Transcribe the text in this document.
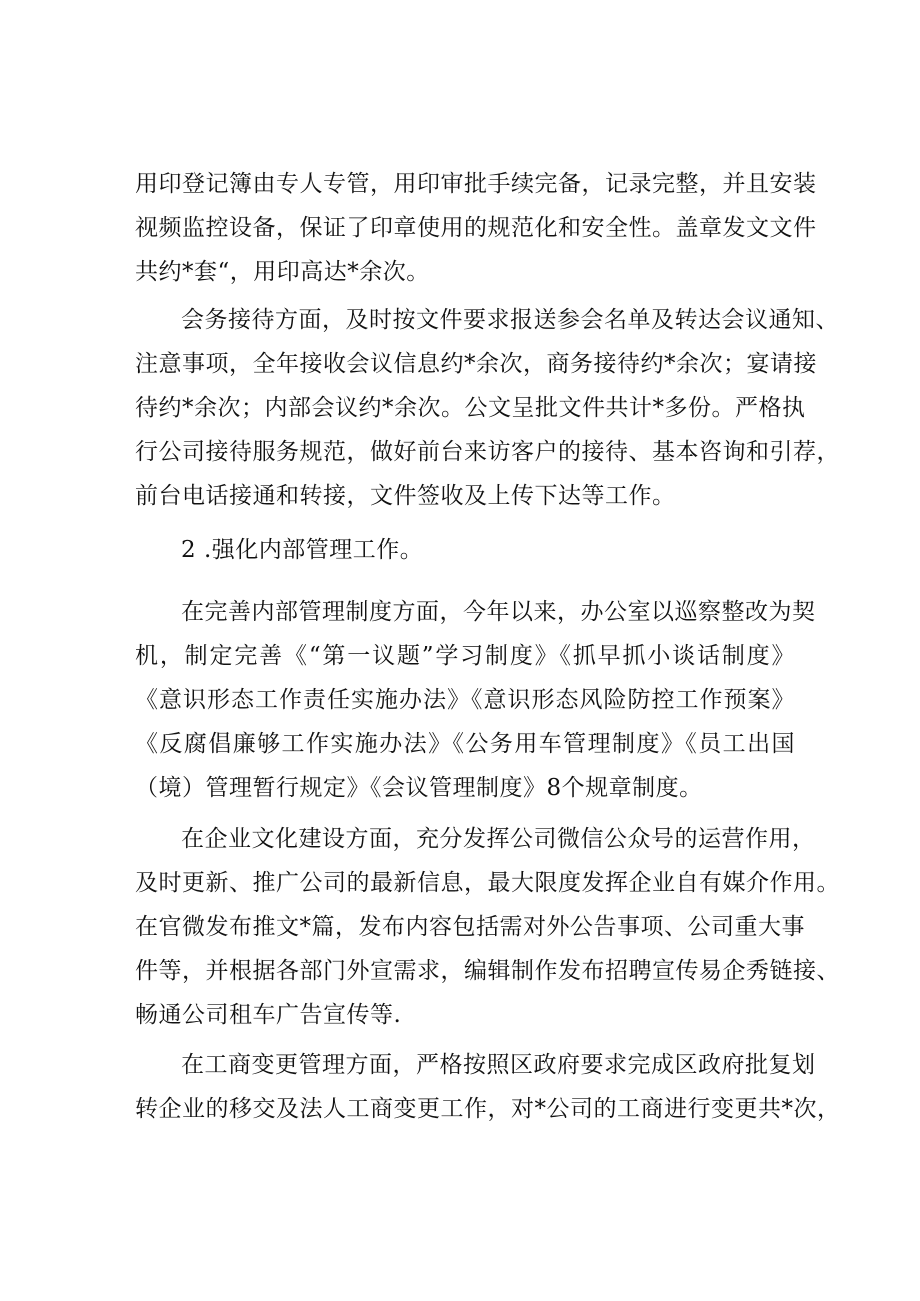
用印登记簿由专人专管，用印审批手续完备，记录完整，并且安装
视频监控设备，保证了印章使用的规范化和安全性。盖章发文文件
共约*套“，用印高达*余次。
会务接待方面，及时按文件要求报送参会名单及转达会议通知、
注意事项，全年接收会议信息约*余次，商务接待约*余次；宴请接
待约*余次；内部会议约*余次。公文呈批文件共计*多份。严格执
行公司接待服务规范，做好前台来访客户的接待、基本咨询和引荐，
前台电话接通和转接，文件签收及上传下达等工作。
2 .强化内部管理工作。
在完善内部管理制度方面，今年以来，办公室以巡察整改为契
机，制定完善《“第一议题”学习制度》《抓早抓小谈话制度》
《意识形态工作责任实施办法》《意识形态风险防控工作预案》
《反腐倡廉够工作实施办法》《公务用车管理制度》《员工出国
（境）管理暂行规定》《会议管理制度》8个规章制度。
在企业文化建设方面，充分发挥公司微信公众号的运营作用，
及时更新、推广公司的最新信息，最大限度发挥企业自有媒介作用。
在官微发布推文*篇，发布内容包括需对外公告事项、公司重大事
件等，并根据各部门外宣需求，编辑制作发布招聘宣传易企秀链接、
畅通公司租车广告宣传等.
在工商变更管理方面，严格按照区政府要求完成区政府批复划
转企业的移交及法人工商变更工作，对*公司的工商进行变更共*次，
